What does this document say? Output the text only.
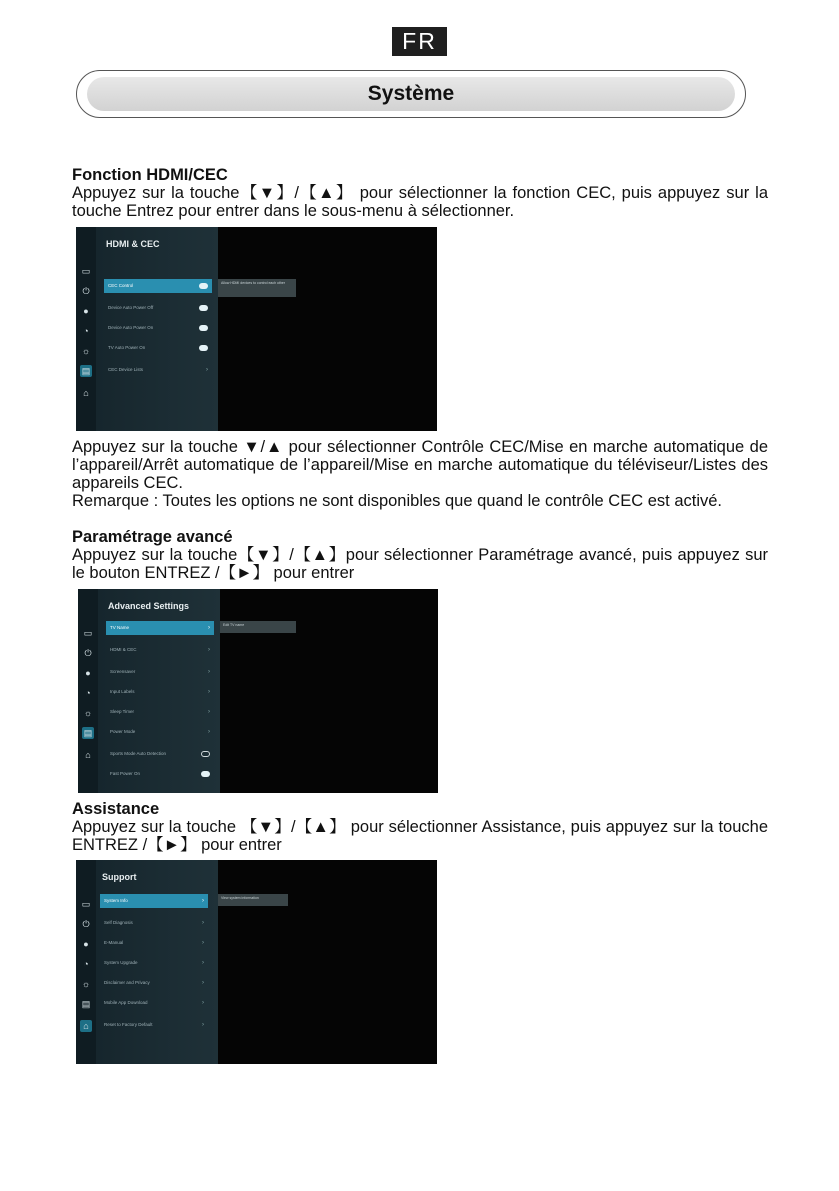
FR
Système
Fonction HDMI/CEC
Appuyez sur la touche【▼】/【▲】 pour sélectionner la fonction CEC, puis appuyez sur la touche Entrez pour entrer dans le sous-menu à sélectionner.
▭
⏻
●
◔
☼
▤
⌂
HDMI & CEC
CEC Control
Device Auto Power Off
Device Auto Power On
TV Auto Power On
CEC Device Lists	›
Allow HDMI devices to control each other
Appuyez sur la touche ▼/▲ pour sélectionner Contrôle CEC/Mise en marche automatique de l’appareil/Arrêt automatique de l’appareil/Mise en marche automatique du téléviseur/Listes des appareils CEC.
Remarque : Toutes les options ne sont disponibles que quand le contrôle CEC est activé.
Paramétrage avancé
Appuyez sur la touche【▼】/【▲】pour sélectionner Paramétrage avancé, puis appuyez sur le bouton ENTREZ /【►】 pour entrer
▭
⏻
●
◔
☼
▤
⌂
Advanced Settings
TV Name	›
HDMI & CEC	›
Screensaver	›
Input Labels	›
Sleep Timer	›
Power Mode	›
Sports Mode Auto Detection
Fast Power On
Edit TV name
Assistance
Appuyez sur la touche 【▼】/【▲】 pour sélectionner Assistance, puis appuyez sur la touche ENTREZ /【►】 pour entrer
▭
⏻
●
◔
☼
▤
⌂
Support
System Info	›
Self Diagnosis	›
E-Manual	›
System Upgrade	›
Disclaimer and Privacy	›
Mobile App Download	›
Reset to Factory Default	›
View system information
